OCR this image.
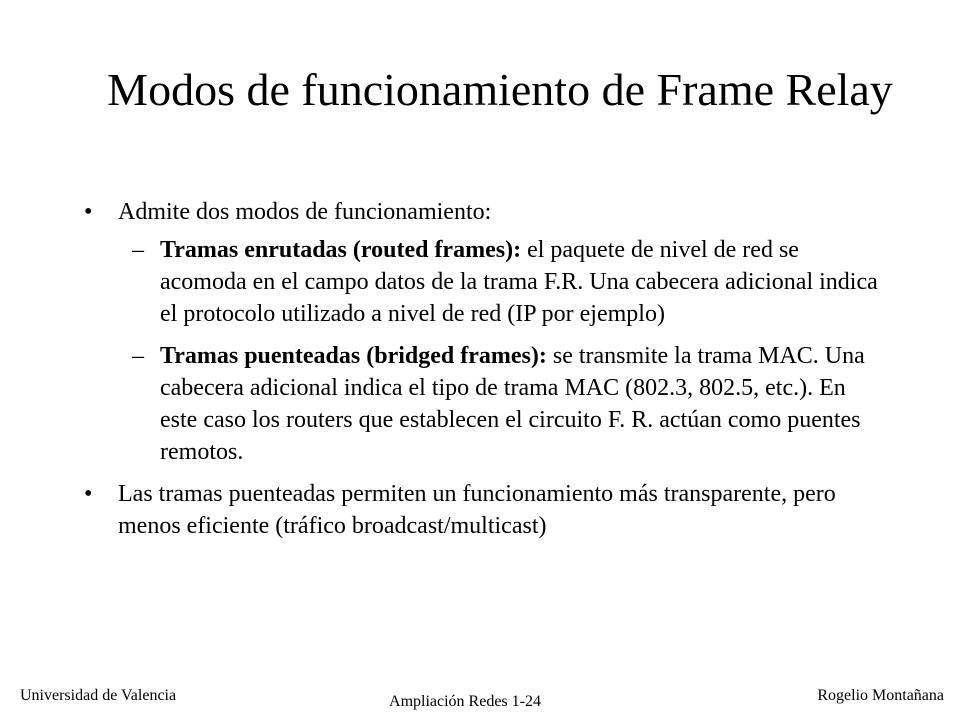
Modos de funcionamiento de Frame Relay
• Admite dos modos de funcionamiento:
– Tramas enrutadas (routed frames): el paquete de nivel de red se acomoda en el campo datos de la trama F.R. Una cabecera adicional indica el protocolo utilizado a nivel de red (IP por ejemplo)
– Tramas puenteadas (bridged frames): se transmite la trama MAC. Una cabecera adicional indica el tipo de trama MAC (802.3, 802.5, etc.). En este caso los routers que establecen el circuito F. R. actúan como puentes remotos.
• Las tramas puenteadas permiten un funcionamiento más transparente, pero menos eficiente (tráfico broadcast/multicast)
Universidad de Valencia	Ampliación Redes 1-24	Rogelio Montañana
